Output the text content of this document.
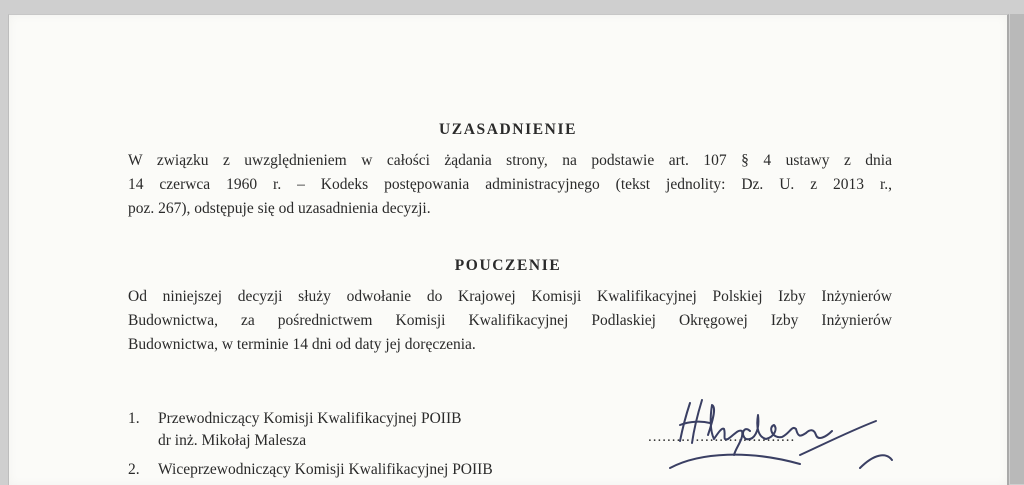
UZASADNIENIE
W związku z uwzględnieniem w całości żądania strony, na podstawie art. 107 § 4 ustawy z dnia
14 czerwca 1960 r. – Kodeks postępowania administracyjnego (tekst jednolity: Dz. U. z 2013 r.,
poz. 267), odstępuje się od uzasadnienia decyzji.
POUCZENIE
Od niniejszej decyzji służy odwołanie do Krajowej Komisji Kwalifikacyjnej Polskiej Izby Inżynierów
Budownictwa, za pośrednictwem Komisji Kwalifikacyjnej Podlaskiej Okręgowej Izby Inżynierów
Budownictwa, w terminie 14 dni od daty jej doręczenia.
1. Przewodniczący Komisji Kwalifikacyjnej POIIB
dr inż. Mikołaj Malesza	...............................
2. Wiceprzewodniczący Komisji Kwalifikacyjnej POIIB
